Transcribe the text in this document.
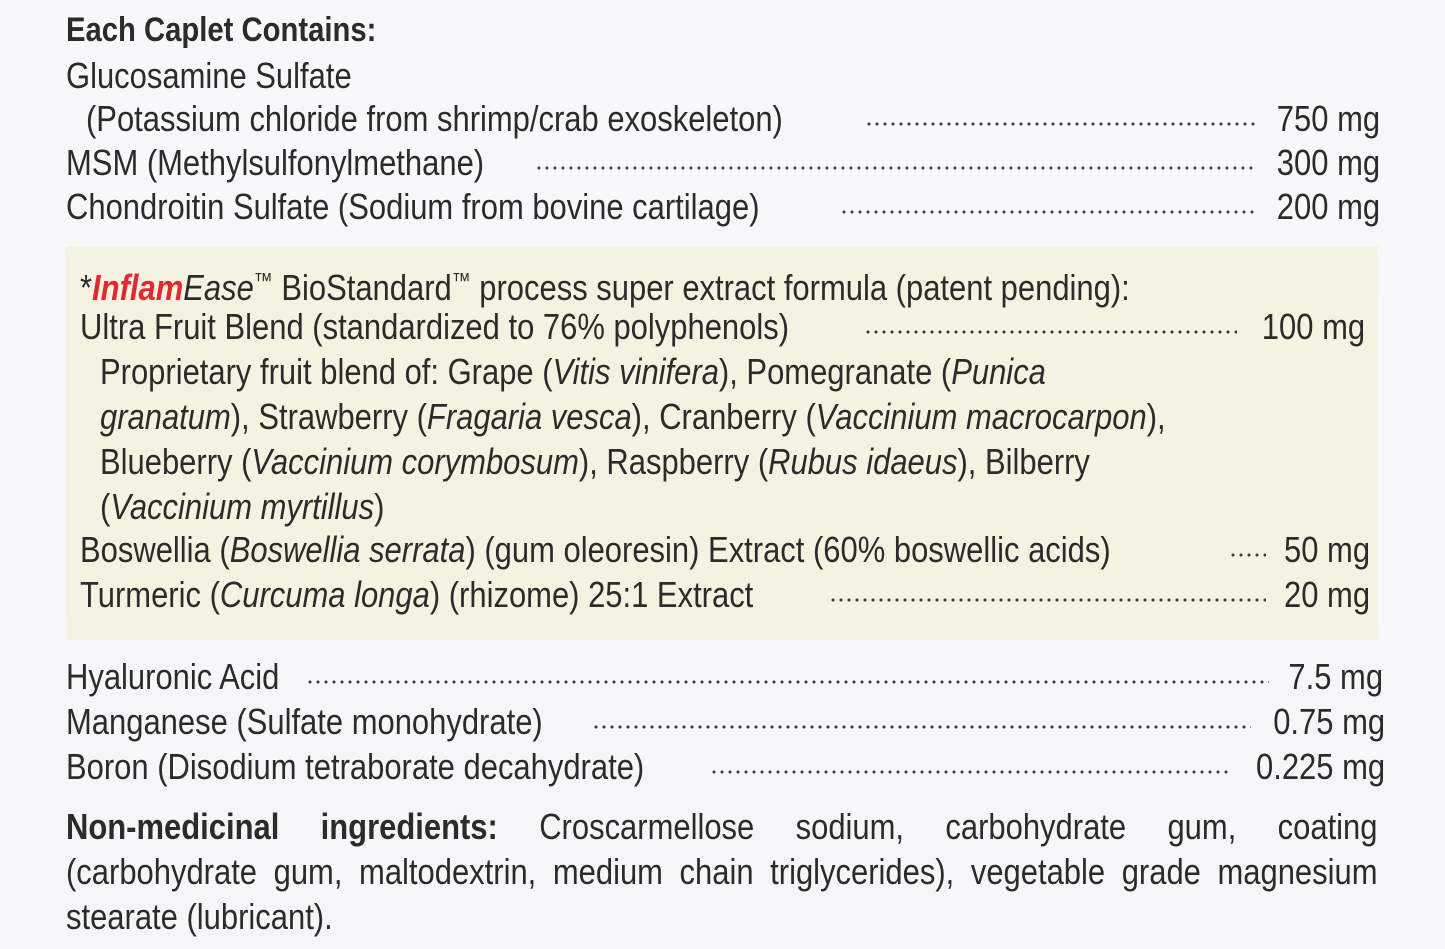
Each Caplet Contains:
Glucosamine Sulfate
(Potassium chloride from shrimp/crab exoskeleton)	750 mg
MSM (Methylsulfonylmethane)	300 mg
Chondroitin Sulfate (Sodium from bovine cartilage)	200 mg
*InflamEase™ BioStandard™ process super extract formula (patent pending):
Ultra Fruit Blend (standardized to 76% polyphenols)	100 mg
Proprietary fruit blend of: Grape (Vitis vinifera), Pomegranate (Punica
granatum), Strawberry (Fragaria vesca), Cranberry (Vaccinium macrocarpon),
Blueberry (Vaccinium corymbosum), Raspberry (Rubus idaeus), Bilberry
(Vaccinium myrtillus)
Boswellia (Boswellia serrata) (gum oleoresin) Extract (60% boswellic acids)	50 mg
Turmeric (Curcuma longa) (rhizome) 25:1 Extract	20 mg
Hyaluronic Acid	7.5 mg
Manganese (Sulfate monohydrate)	0.75 mg
Boron (Disodium tetraborate decahydrate)	0.225 mg
Non-medicinal ingredients: Croscarmellose sodium, carbohydrate gum, coating (carbohydrate gum, maltodextrin, medium chain triglycerides), vegetable grade magnesium stearate (lubricant).
